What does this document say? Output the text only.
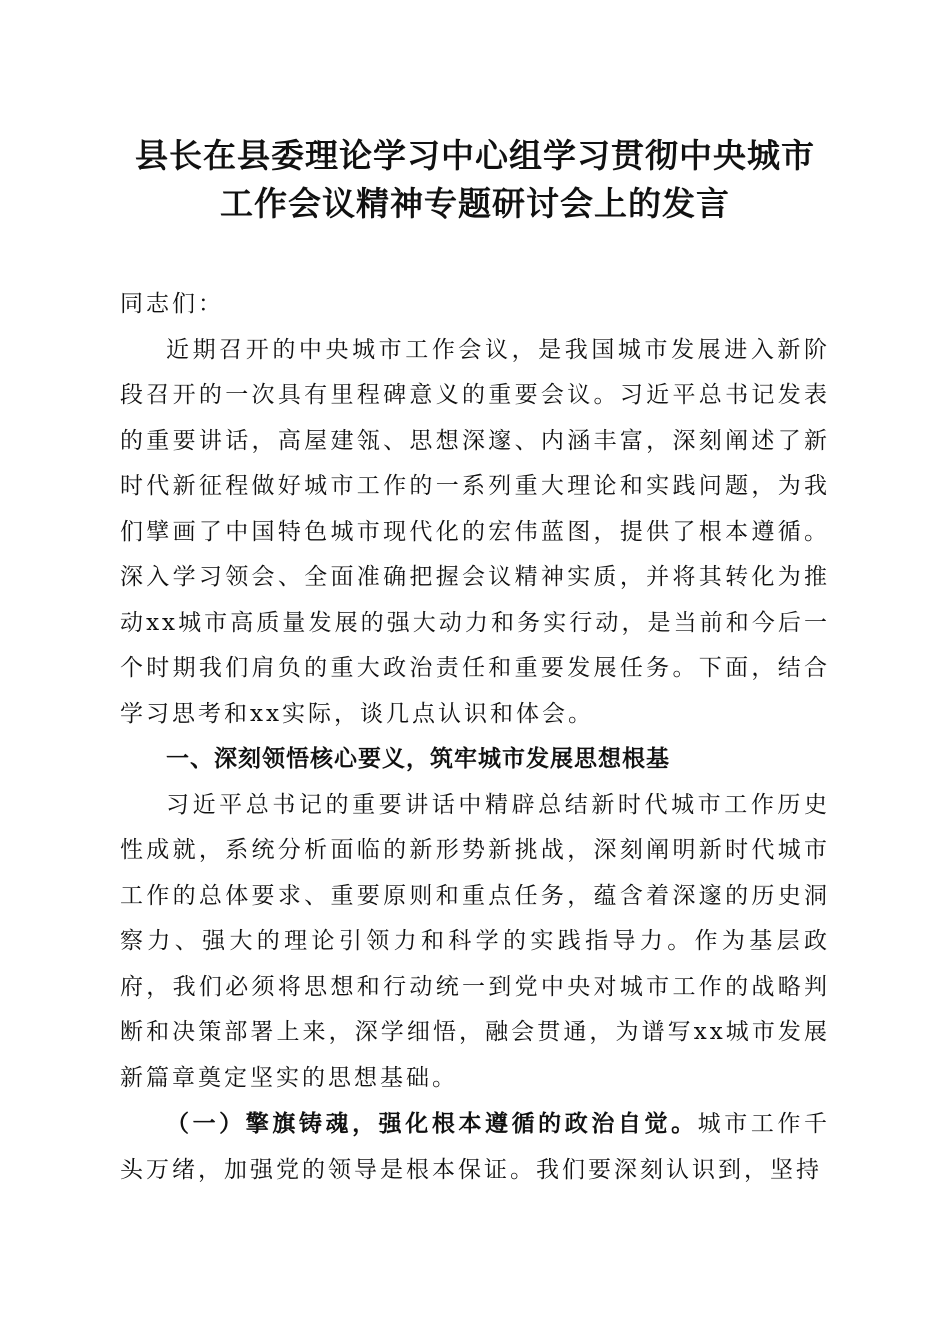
县长在县委理论学习中心组学习贯彻中央城市
工作会议精神专题研讨会上的发言

同志们：

近期召开的中央城市工作会议，是我国城市发展进入新阶段召开的一次具有里程碑意义的重要会议。习近平总书记发表的重要讲话，高屋建瓴、思想深邃、内涵丰富，深刻阐述了新时代新征程做好城市工作的一系列重大理论和实践问题，为我们擘画了中国特色城市现代化的宏伟蓝图，提供了根本遵循。深入学习领会、全面准确把握会议精神实质，并将其转化为推动xx城市高质量发展的强大动力和务实行动，是当前和今后一个时期我们肩负的重大政治责任和重要发展任务。下面，结合学习思考和xx实际，谈几点认识和体会。

一、深刻领悟核心要义，筑牢城市发展思想根基

习近平总书记的重要讲话中精辟总结新时代城市工作历史性成就，系统分析面临的新形势新挑战，深刻阐明新时代城市工作的总体要求、重要原则和重点任务，蕴含着深邃的历史洞察力、强大的理论引领力和科学的实践指导力。作为基层政府，我们必须将思想和行动统一到党中央对城市工作的战略判断和决策部署上来，深学细悟，融会贯通，为谱写xx城市发展新篇章奠定坚实的思想基础。

（一）擎旗铸魂，强化根本遵循的政治自觉。城市工作千头万绪，加强党的领导是根本保证。我们要深刻认识到，坚持
